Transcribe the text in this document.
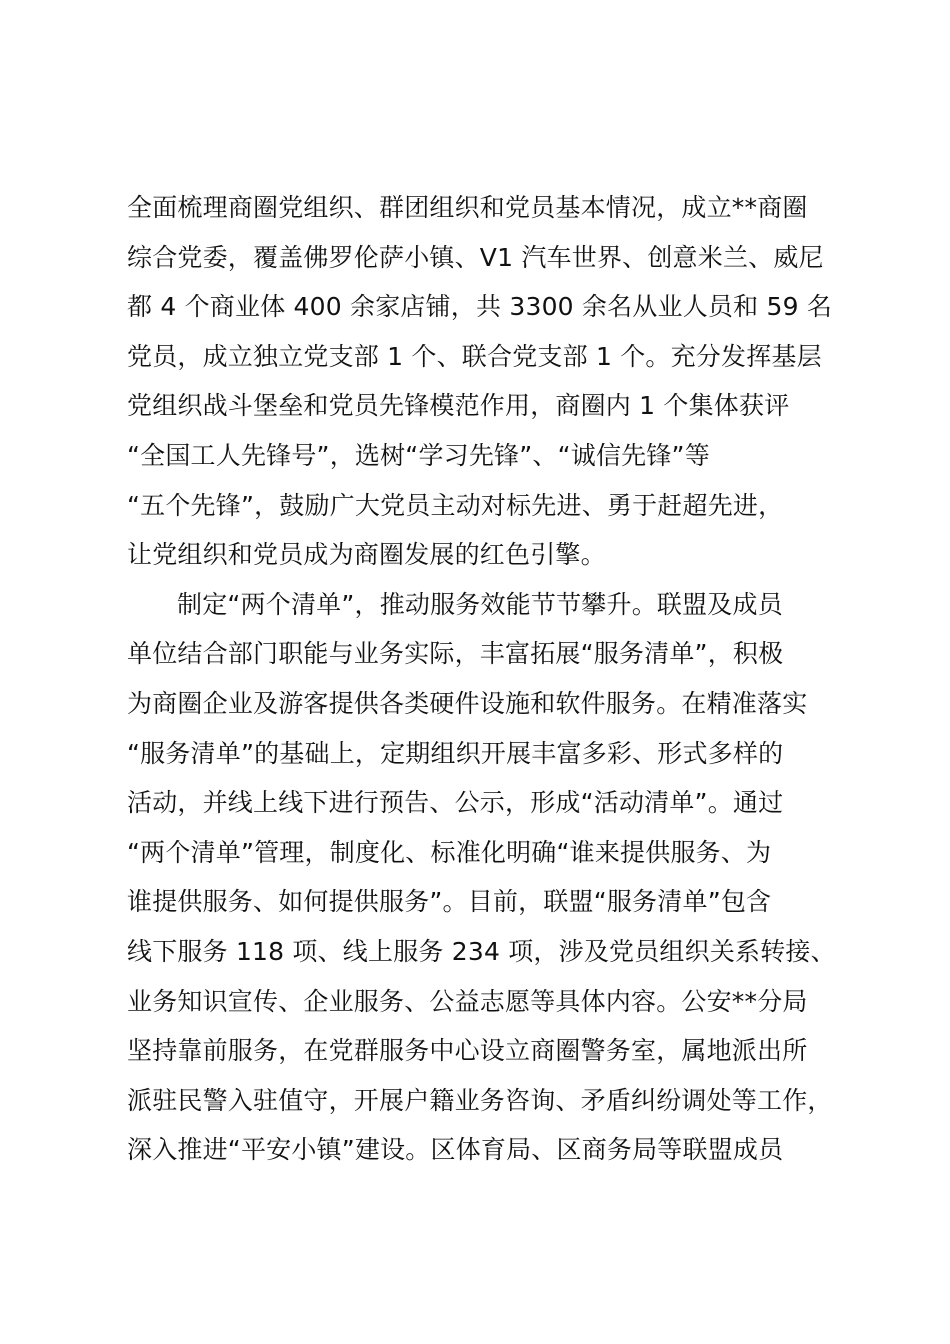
全面梳理商圈党组织、群团组织和党员基本情况，成立**商圈
综合党委，覆盖佛罗伦萨小镇、V1 汽车世界、创意米兰、威尼
都 4 个商业体 400 余家店铺，共 3300 余名从业人员和 59 名
党员，成立独立党支部 1 个、联合党支部 1 个。充分发挥基层
党组织战斗堡垒和党员先锋模范作用，商圈内 1 个集体获评
“全国工人先锋号”，选树“学习先锋”、“诚信先锋”等
“五个先锋”，鼓励广大党员主动对标先进、勇于赶超先进，
让党组织和党员成为商圈发展的红色引擎。
制定“两个清单”，推动服务效能节节攀升。联盟及成员
单位结合部门职能与业务实际，丰富拓展“服务清单”，积极
为商圈企业及游客提供各类硬件设施和软件服务。在精准落实
“服务清单”的基础上，定期组织开展丰富多彩、形式多样的
活动，并线上线下进行预告、公示，形成“活动清单”。通过
“两个清单”管理，制度化、标准化明确“谁来提供服务、为
谁提供服务、如何提供服务”。目前，联盟“服务清单”包含
线下服务 118 项、线上服务 234 项，涉及党员组织关系转接、
业务知识宣传、企业服务、公益志愿等具体内容。公安**分局
坚持靠前服务，在党群服务中心设立商圈警务室，属地派出所
派驻民警入驻值守，开展户籍业务咨询、矛盾纠纷调处等工作，
深入推进“平安小镇”建设。区体育局、区商务局等联盟成员
